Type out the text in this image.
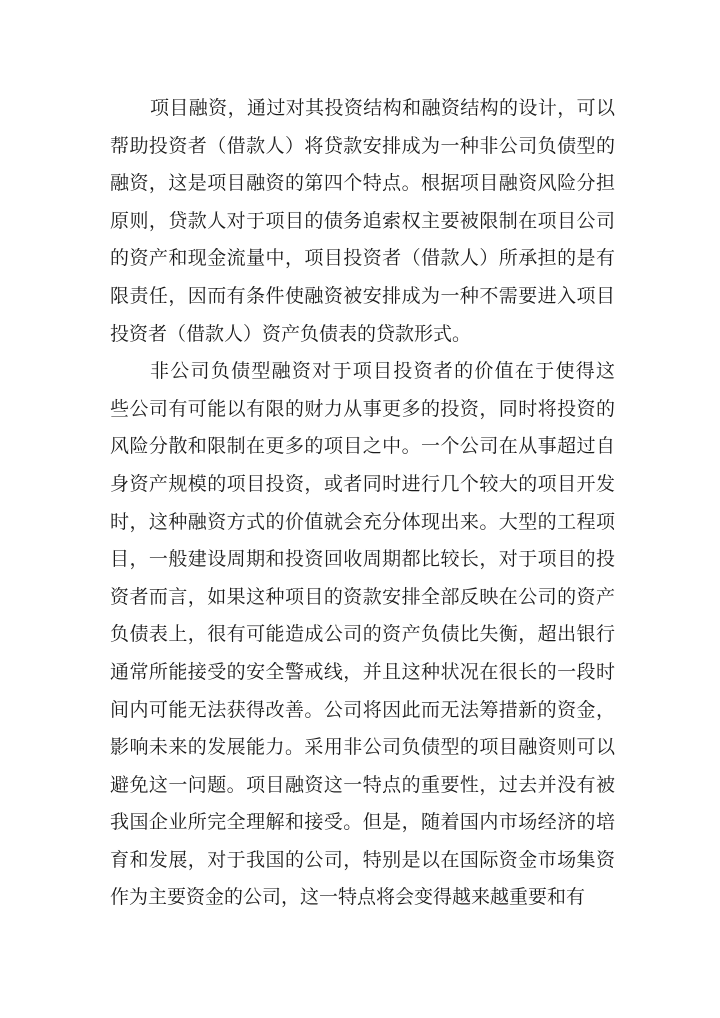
项目融资，通过对其投资结构和融资结构的设计，可以
帮助投资者（借款人）将贷款安排成为一种非公司负债型的
融资，这是项目融资的第四个特点。根据项目融资风险分担
原则，贷款人对于项目的债务追索权主要被限制在项目公司
的资产和现金流量中，项目投资者（借款人）所承担的是有
限责任，因而有条件使融资被安排成为一种不需要进入项目
投资者（借款人）资产负债表的贷款形式。
非公司负债型融资对于项目投资者的价值在于使得这
些公司有可能以有限的财力从事更多的投资，同时将投资的
风险分散和限制在更多的项目之中。一个公司在从事超过自
身资产规模的项目投资，或者同时进行几个较大的项目开发
时，这种融资方式的价值就会充分体现出来。大型的工程项
目，一般建设周期和投资回收周期都比较长，对于项目的投
资者而言，如果这种项目的资款安排全部反映在公司的资产
负债表上，很有可能造成公司的资产负债比失衡，超出银行
通常所能接受的安全警戒线，并且这种状况在很长的一段时
间内可能无法获得改善。公司将因此而无法筹措新的资金，
影响未来的发展能力。采用非公司负债型的项目融资则可以
避免这一问题。项目融资这一特点的重要性，过去并没有被
我国企业所完全理解和接受。但是，随着国内市场经济的培
育和发展，对于我国的公司，特别是以在国际资金市场集资
作为主要资金的公司，这一特点将会变得越来越重要和有
